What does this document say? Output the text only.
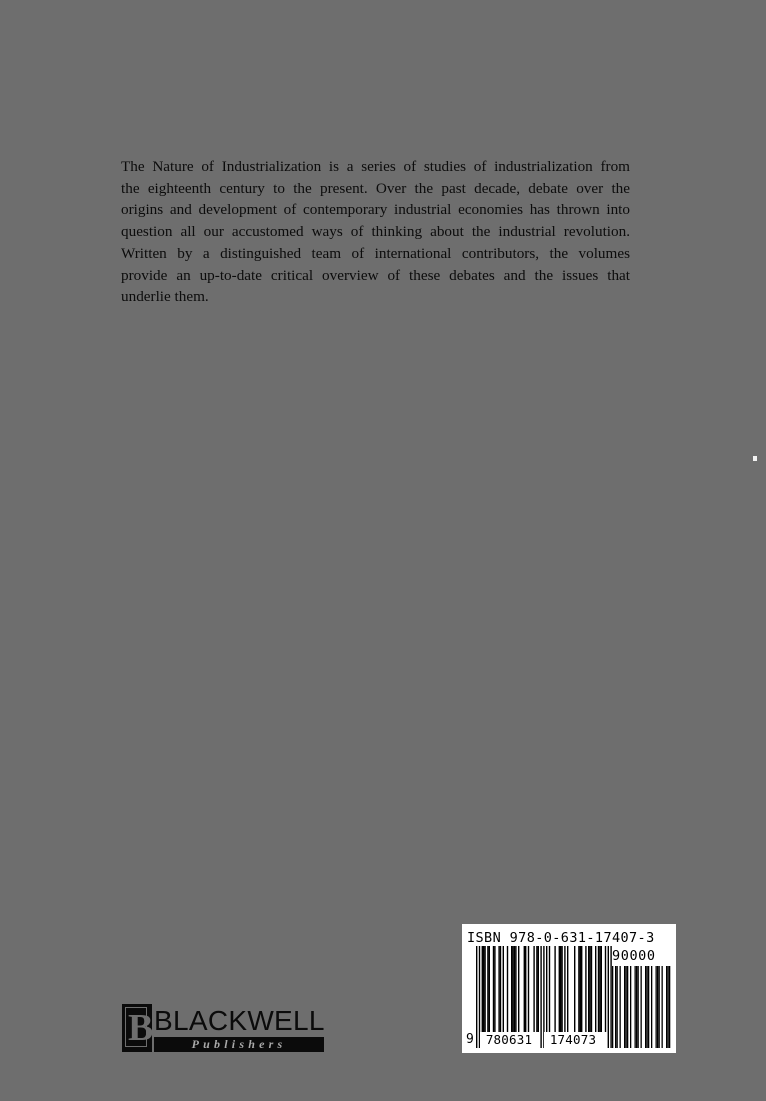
The Nature of Industrialization is a series of studies of industrialization from
the eighteenth century to the present. Over the past decade, debate over the
origins and development of contemporary industrial economies has thrown into
question all our accustomed ways of thinking about the industrial revolution.
Written by a distinguished team of international contributors, the volumes
provide an up-to-date critical overview of these debates and the issues that
underlie them.
B BLACKWELL
Publishers
ISBN 978-0-631-17407-3
90000
9 780631	174073
